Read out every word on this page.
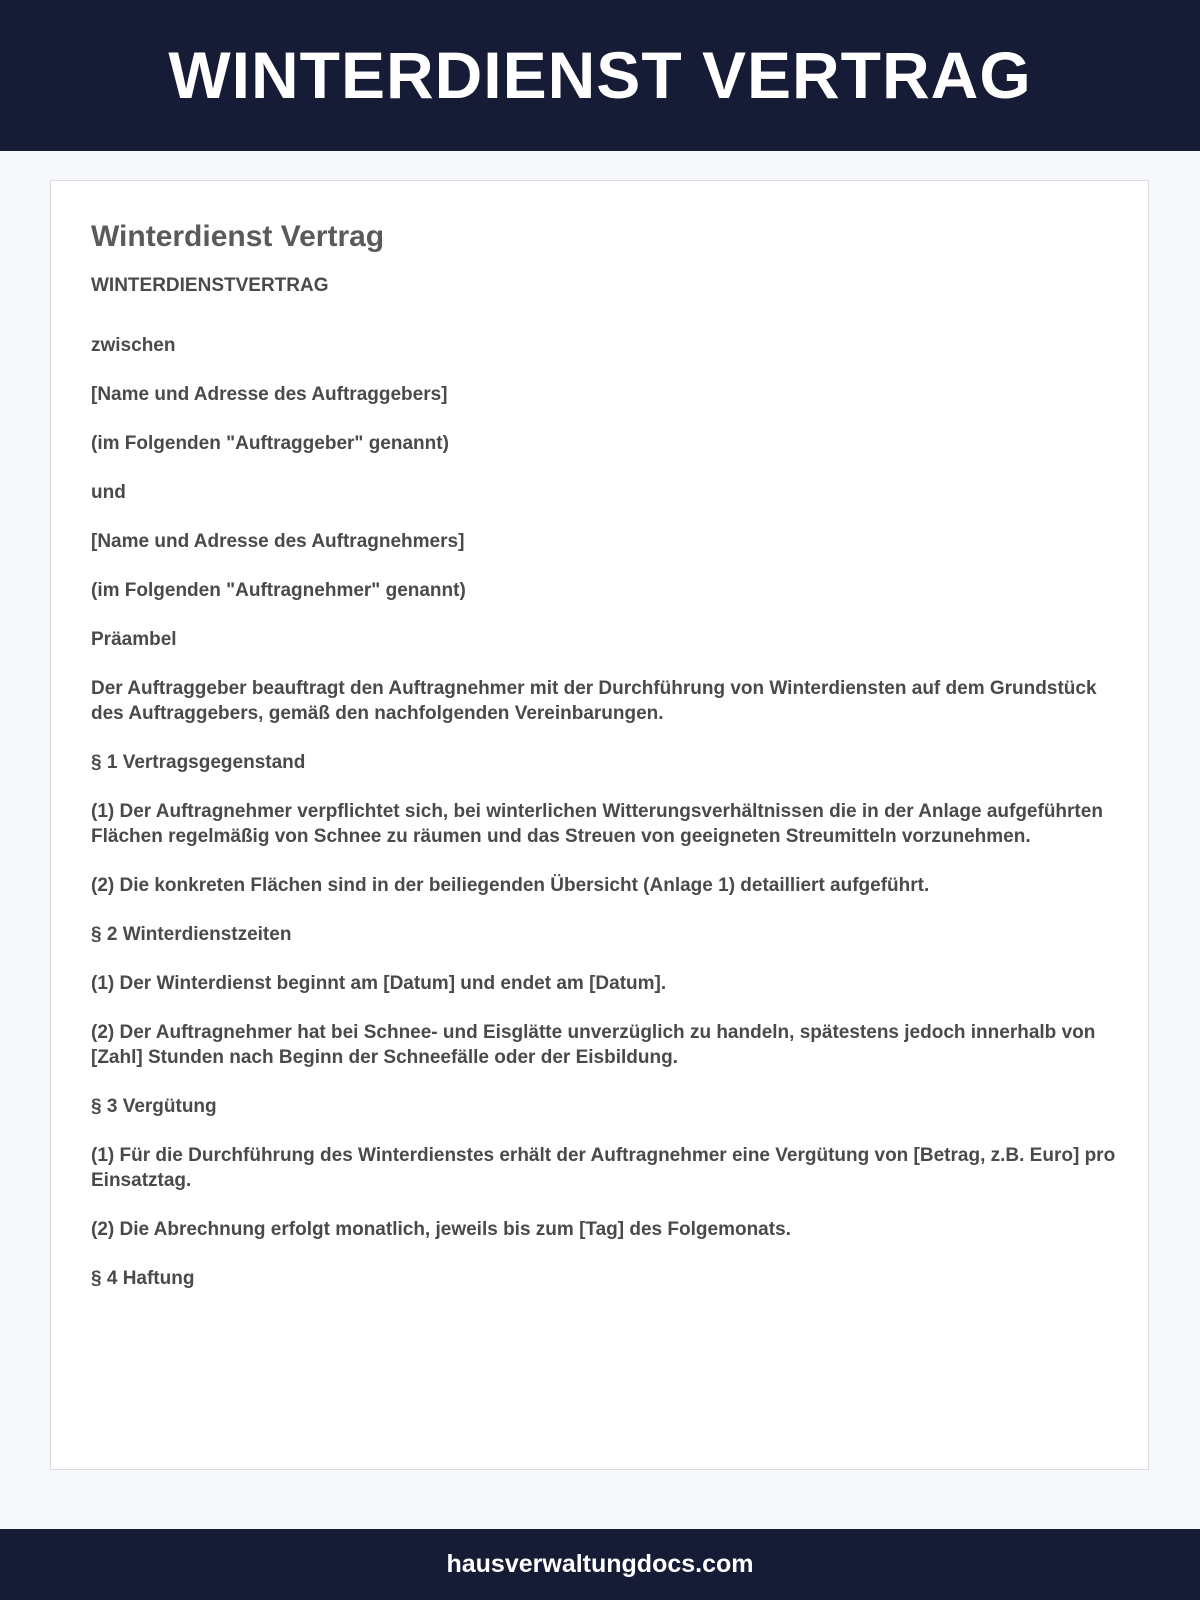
WINTERDIENST VERTRAG
Winterdienst Vertrag

WINTERDIENSTVERTRAG

zwischen

[Name und Adresse des Auftraggebers]

(im Folgenden "Auftraggeber" genannt)

und

[Name und Adresse des Auftragnehmers]

(im Folgenden "Auftragnehmer" genannt)

Präambel

Der Auftraggeber beauftragt den Auftragnehmer mit der Durchführung von Winterdiensten auf dem Grundstück des Auftraggebers, gemäß den nachfolgenden Vereinbarungen.

§ 1 Vertragsgegenstand

(1) Der Auftragnehmer verpflichtet sich, bei winterlichen Witterungsverhältnissen die in der Anlage aufgeführten Flächen regelmäßig von Schnee zu räumen und das Streuen von geeigneten Streumitteln vorzunehmen.

(2) Die konkreten Flächen sind in der beiliegenden Übersicht (Anlage 1) detailliert aufgeführt.

§ 2 Winterdienstzeiten

(1) Der Winterdienst beginnt am [Datum] und endet am [Datum].

(2) Der Auftragnehmer hat bei Schnee- und Eisglätte unverzüglich zu handeln, spätestens jedoch innerhalb von [Zahl] Stunden nach Beginn der Schneefälle oder der Eisbildung.

§ 3 Vergütung

(1) Für die Durchführung des Winterdienstes erhält der Auftragnehmer eine Vergütung von [Betrag, z.B. Euro] pro Einsatztag.

(2) Die Abrechnung erfolgt monatlich, jeweils bis zum [Tag] des Folgemonats.

§ 4 Haftung

hausverwaltungdocs.com
